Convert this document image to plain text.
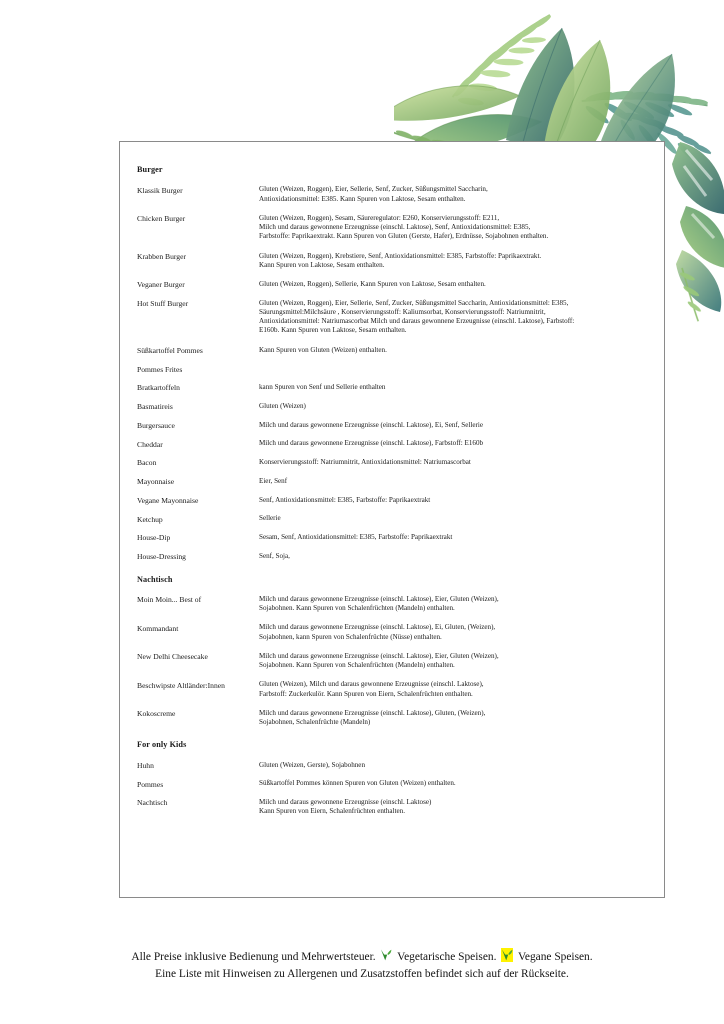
Burger
Klassik Burger	Gluten (Weizen, Roggen), Eier, Sellerie, Senf, Zucker, Süßungsmittel Saccharin,
Antioxidationsmittel: E385. Kann Spuren von Laktose, Sesam enthalten.
Chicken Burger	Gluten (Weizen, Roggen), Sesam, Säureregulator: E260, Konservierungsstoff: E211,
Milch und daraus gewonnene Erzeugnisse (einschl. Laktose), Senf, Antioxidationsmittel: E385,
Farbstoffe: Paprikaextrakt. Kann Spuren von Gluten (Gerste, Hafer), Erdnüsse, Sojabohnen enthalten.
Krabben Burger	Gluten (Weizen, Roggen), Krebstiere, Senf, Antioxidationsmittel: E385, Farbstoffe: Paprikaextrakt.
Kann Spuren von Laktose, Sesam enthalten.
Veganer Burger	Gluten (Weizen, Roggen), Sellerie, Kann Spuren von Laktose, Sesam enthalten.
Hot Stuff Burger	Gluten (Weizen, Roggen), Eier, Sellerie, Senf, Zucker, Süßungsmittel Saccharin, Antioxidationsmittel: E385,
Säurungsmittel:Milchsäure , Konservierungsstoff: Kaliumsorbat, Konservierungsstoff: Natriumnitrit,
Antioxidationsmittel: Natriumascorbat Milch und daraus gewonnene Erzeugnisse (einschl. Laktose), Farbstoff:
E160b. Kann Spuren von Laktose, Sesam enthalten.
Süßkartoffel Pommes	Kann Spuren von Gluten (Weizen) enthalten.
Pommes Frites
Bratkartoffeln	kann Spuren von Senf und Sellerie enthalten
Basmatireis	Gluten (Weizen)
Burgersauce	Milch und daraus gewonnene Erzeugnisse (einschl. Laktose), Ei, Senf, Sellerie
Cheddar	Milch und daraus gewonnene Erzeugnisse (einschl. Laktose), Farbstoff: E160b
Bacon	Konservierungsstoff: Natriumnitrit, Antioxidationsmittel: Natriumascorbat
Mayonnaise	Eier, Senf
Vegane Mayonnaise	Senf, Antioxidationsmittel: E385, Farbstoffe: Paprikaextrakt
Ketchup	Sellerie
House-Dip	Sesam, Senf, Antioxidationsmittel: E385, Farbstoffe: Paprikaextrakt
House-Dressing	Senf, Soja,
Nachtisch
Moin Moin... Best of	Milch und daraus gewonnene Erzeugnisse (einschl. Laktose), Eier, Gluten (Weizen),
Sojabohnen. Kann Spuren von Schalenfrüchten (Mandeln) enthalten.
Kommandant	Milch und daraus gewonnene Erzeugnisse (einschl. Laktose), Ei, Gluten, (Weizen),
Sojabohnen, kann Spuren von Schalenfrüchte (Nüsse) enthalten.
New Delhi Cheesecake	Milch und daraus gewonnene Erzeugnisse (einschl. Laktose), Eier, Gluten (Weizen),
Sojabohnen. Kann Spuren von Schalenfrüchten (Mandeln) enthalten.
Beschwipste Altländer:Innen	Gluten (Weizen), Milch und daraus gewonnene Erzeugnisse (einschl. Laktose),
Farbstoff: Zuckerkulör. Kann Spuren von Eiern, Schalenfrüchten enthalten.
Kokoscreme	Milch und daraus gewonnene Erzeugnisse (einschl. Laktose), Gluten, (Weizen),
Sojabohnen, Schalenfrüchte (Mandeln)
For only Kids
Huhn	Gluten (Weizen, Gerste), Sojabohnen
Pommes	Süßkartoffel Pommes können Spuren von Gluten (Weizen) enthalten.
Nachtisch	Milch und daraus gewonnene Erzeugnisse (einschl. Laktose)
Kann Spuren von Eiern, Schalenfrüchten enthalten.
Alle Preise inklusive Bedienung und Mehrwertsteuer. Vegetarische Speisen. Vegane Speisen.
Eine Liste mit Hinweisen zu Allergenen und Zusatzstoffen befindet sich auf der Rückseite.
